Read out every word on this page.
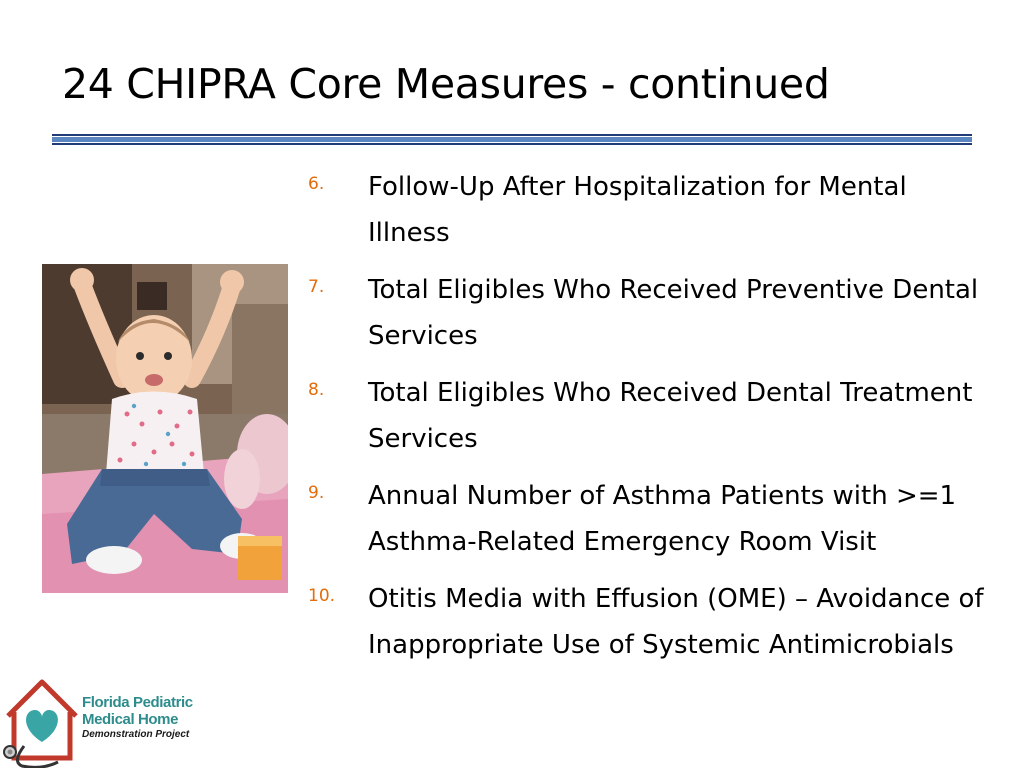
24 CHIPRA Core Measures - continued
6. Follow-Up After Hospitalization for Mental Illness
7. Total Eligibles Who Received Preventive Dental Services
8. Total Eligibles Who Received Dental Treatment Services
9. Annual Number of Asthma Patients with >=1 Asthma-Related Emergency Room Visit
10. Otitis Media with Effusion (OME) – Avoidance of Inappropriate Use of Systemic Antimicrobials
Florida Pediatric
Medical Home
Demonstration Project
